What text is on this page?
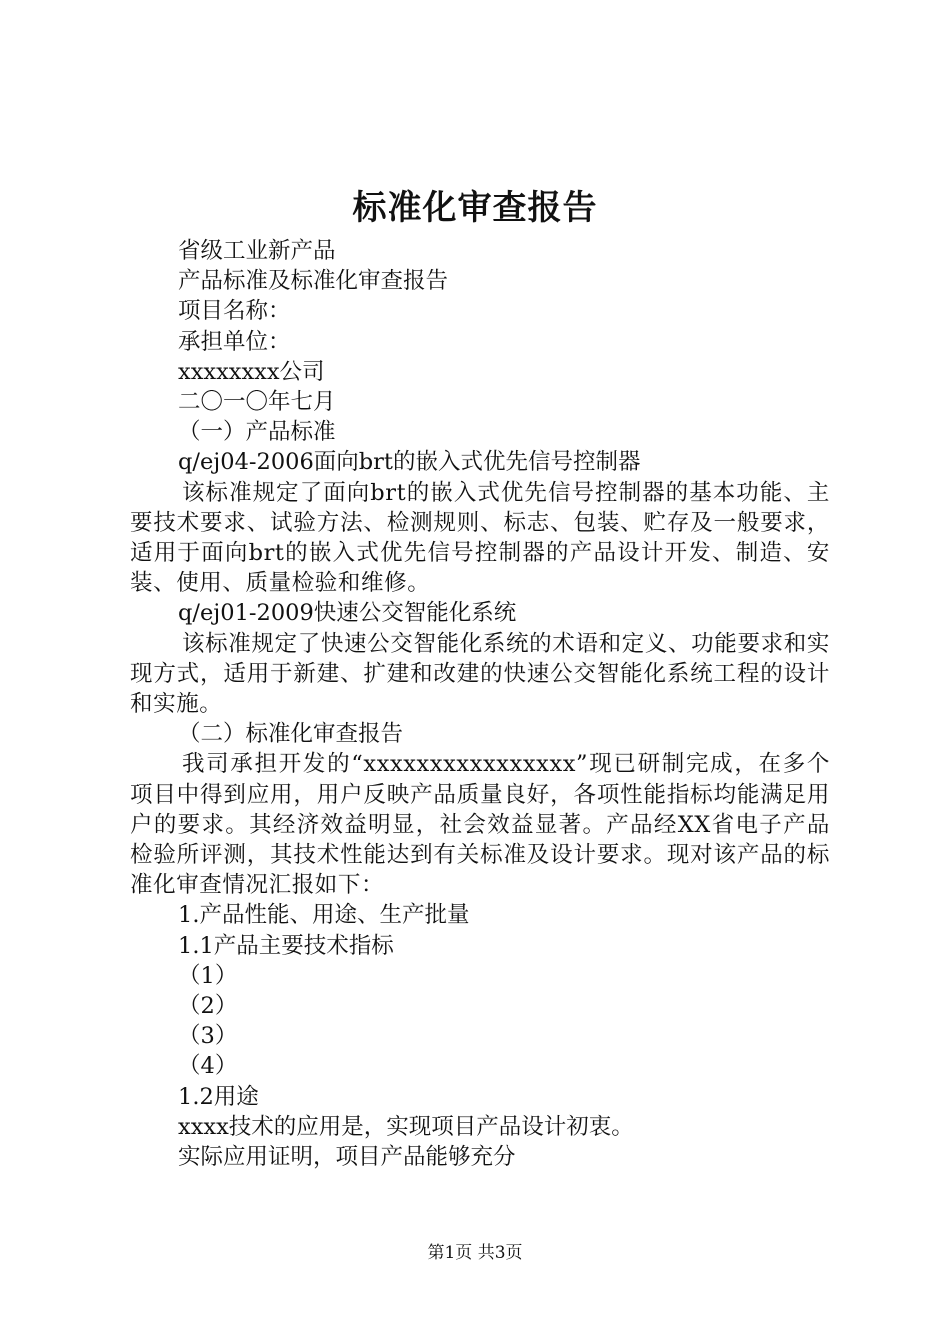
标准化审查报告

省级工业新产品

产品标准及标准化审查报告

项目名称：

承担单位：

xxxxxxxx公司

二〇一〇年七月

（一）产品标准

q/ej04-2006面向brt的嵌入式优先信号控制器

该标准规定了面向brt的嵌入式优先信号控制器的基本功能、主要技术要求、试验方法、检测规则、标志、包装、贮存及一般要求，适用于面向brt的嵌入式优先信号控制器的产品设计开发、制造、安装、使用、质量检验和维修。

q/ej01-2009快速公交智能化系统

该标准规定了快速公交智能化系统的术语和定义、功能要求和实现方式，适用于新建、扩建和改建的快速公交智能化系统工程的设计和实施。

（二）标准化审查报告

我司承担开发的“xxxxxxxxxxxxxxxx”现已研制完成，在多个项目中得到应用，用户反映产品质量良好，各项性能指标均能满足用户的要求。其经济效益明显，社会效益显著。产品经XX省电子产品检验所评测，其技术性能达到有关标准及设计要求。现对该产品的标准化审查情况汇报如下：

1.产品性能、用途、生产批量

1.1产品主要技术指标

（1）

（2）

（3）

（4）

1.2用途

xxxx技术的应用是，实现项目产品设计初衷。

实际应用证明，项目产品能够充分

第1页 共3页
